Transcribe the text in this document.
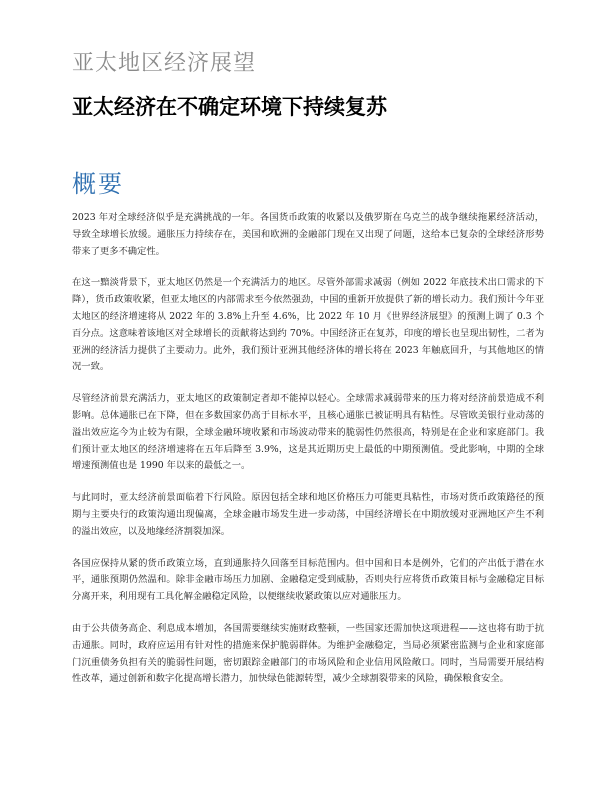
亚太地区经济展望
亚太经济在不确定环境下持续复苏
概要

2023 年对全球经济似乎是充满挑战的一年。各国货币政策的收紧以及俄罗斯在乌克兰的战争继续拖累经济活动，导致全球增长放缓。通胀压力持续存在，美国和欧洲的金融部门现在又出现了问题，这给本已复杂的全球经济形势带来了更多不确定性。

在这一黯淡背景下，亚太地区仍然是一个充满活力的地区。尽管外部需求减弱（例如 2022 年底技术出口需求的下降），货币政策收紧，但亚太地区的内部需求至今依然强劲，中国的重新开放提供了新的增长动力。我们预计今年亚太地区的经济增速将从 2022 年的 3.8%上升至 4.6%，比 2022 年 10 月《世界经济展望》的预测上调了 0.3 个百分点。这意味着该地区对全球增长的贡献将达到约 70%。中国经济正在复苏，印度的增长也呈现出韧性，二者为亚洲的经济活力提供了主要动力。此外，我们预计亚洲其他经济体的增长将在 2023 年触底回升，与其他地区的情况一致。

尽管经济前景充满活力，亚太地区的政策制定者却不能掉以轻心。全球需求减弱带来的压力将对经济前景造成不利影响。总体通胀已在下降，但在多数国家仍高于目标水平，且核心通胀已被证明具有粘性。尽管欧美银行业动荡的溢出效应迄今为止较为有限，全球金融环境收紧和市场波动带来的脆弱性仍然很高，特别是在企业和家庭部门。我们预计亚太地区的经济增速将在五年后降至 3.9%，这是其近期历史上最低的中期预测值。受此影响，中期的全球增速预测值也是 1990 年以来的最低之一。

与此同时，亚太经济前景面临着下行风险。原因包括全球和地区价格压力可能更具粘性，市场对货币政策路径的预期与主要央行的政策沟通出现偏离，全球金融市场发生进一步动荡，中国经济增长在中期放缓对亚洲地区产生不利的溢出效应，以及地缘经济割裂加深。

各国应保持从紧的货币政策立场，直到通胀持久回落至目标范围内。但中国和日本是例外，它们的产出低于潜在水平，通胀预期仍然温和。除非金融市场压力加剧、金融稳定受到威胁，否则央行应将货币政策目标与金融稳定目标分离开来，利用现有工具化解金融稳定风险，以便继续收紧政策以应对通胀压力。

由于公共债务高企、利息成本增加，各国需要继续实施财政整顿，一些国家还需加快这项进程——这也将有助于抗击通胀。同时，政府应运用有针对性的措施来保护脆弱群体。为维护金融稳定，当局必须紧密监测与企业和家庭部门沉重债务负担有关的脆弱性问题，密切跟踪金融部门的市场风险和企业信用风险敞口。同时，当局需要开展结构性改革，通过创新和数字化提高增长潜力，加快绿色能源转型，减少全球割裂带来的风险，确保粮食安全。
